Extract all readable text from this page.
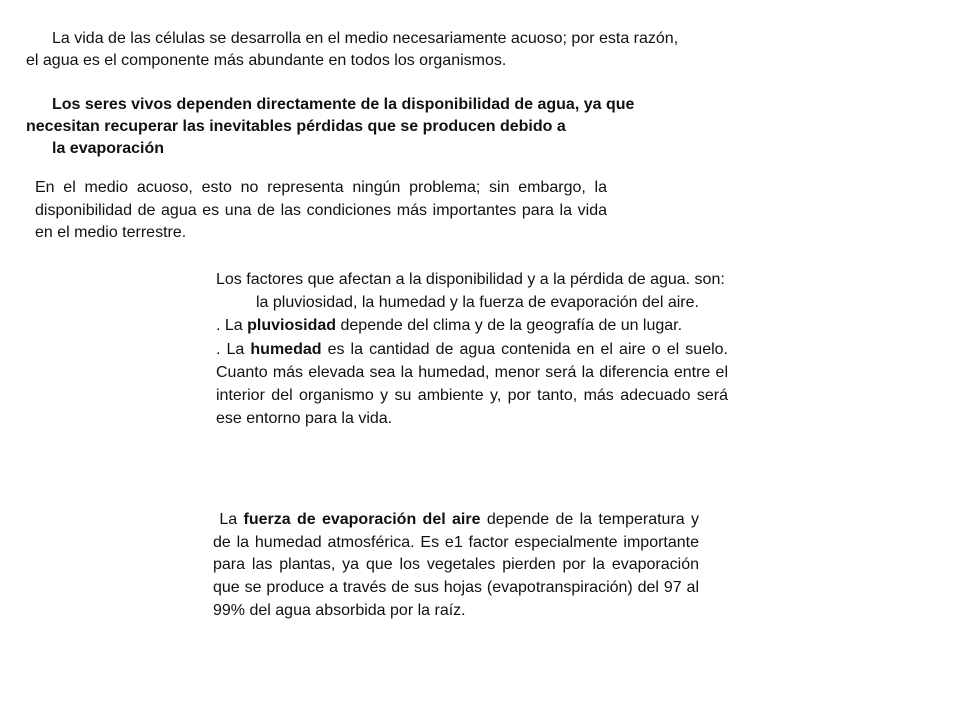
La vida de las células se desarrolla en el medio necesariamente acuoso; por esta razón,

el agua es el componente más abundante en todos los organismos.

Los seres vivos dependen directamente de la disponibilidad de agua, ya que

necesitan recuperar las inevitables pérdidas que se producen debido a

la evaporación

En el medio acuoso, esto no representa ningún problema; sin embargo, la disponibilidad de agua es una de las condiciones más importantes para la vida en el medio terrestre.

Los factores que afectan a la disponibilidad y a la pérdida de agua. son:

la pluviosidad, la humedad y la fuerza de evaporación del aire.

. La pluviosidad depende del clima y de la geografía de un lugar.

. La humedad es la cantidad de agua contenida en el aire o el suelo. Cuanto más elevada sea la humedad, menor será la diferencia entre el interior del organismo y su ambiente y, por tanto, más adecuado será ese entorno para la vida.

La fuerza de evaporación del aire depende de la temperatura y de la humedad atmosférica. Es e1 factor especialmente importante para las plantas, ya que los vegetales pierden por la evaporación que se produce a través de sus hojas (evapotranspiración) del 97 al 99% del agua absorbida por la raíz.
